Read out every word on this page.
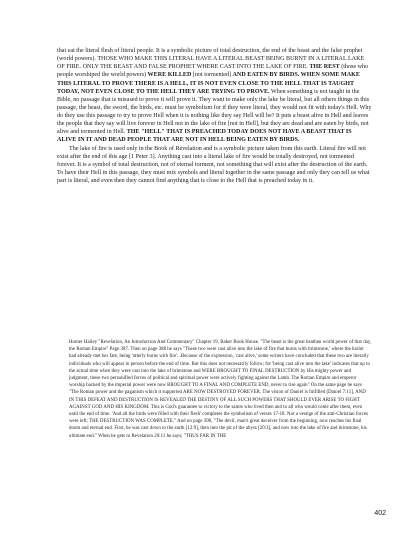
that eat the literal flesh of literal people. It is a symbolic picture of total destruction, the end of the beast and the false prophet (world powers). THOSE WHO MAKE THIS LITERAL HAVE A LITERAL BEAST BEING BURNT IN A LITERAL LAKE OF FIRE. ONLY THE BEAST AND FALSE PROPHET WHERE CAST INTO THE LAKE OF FIRE. THE REST (those who people worshiped the world powers) WERE KILLED [not tormented] AND EATEN BY BIRDS. WHEN SOME MAKE THIS LITERAL TO PROVE THERE IS A HELL, IT IS NOT EVEN CLOSE TO THE HELL THAT IS TAUGHT TODAY, NOT EVEN CLOSE TO THE HELL THEY ARE TRYING TO PROVE. When something is not taught in the Bible, no passage that is misused to prove it will prove it. They want to make only the lake be literal, but all others things in this passage, the beast, the sword, the birds, etc. must be symbolism for if they were literal, they would not fit with today's Hell. Why do they use this passage to try to prove Hell when it is nothing like they say Hell will be? It puts a beast alive in Hell and leaves the people that they say will live forever in Hell not in the lake of fire [not in Hell], but they are dead and are eaten by birds, not alive and tormented in Hell. THE "HELL" THAT IS PREACHED TODAY DOES NOT HAVE A BEAST THAT IS ALIVE IN IT AND DEAD PEOPLE THAT ARE NOT IN HELL BEING EATEN BY BIRDS.

The lake of fire is used only in the Book of Revelation and is a symbolic picture taken from this earth. Literal fire will not exist after the end of this age [1 Peter 3]. Anything cast into a literal lake of fire would be totally destroyed, not tormented forever. It is a symbol of total destruction, not of eternal torment, not something that will exist after the destruction of the earth. To have their Hell in this passage, they must mix symbols and literal together in the same passage and only they can tell us what part is literal, and even then they cannot find anything that is close to the Hell that is preached today in it.

Homer Hailey "Revelation, An Introduction And Commentary" Chapter 19, Baker Book House. "The beast is the great heathen world power of that day, the Roman Empire" Page 387. Then on page 388 he says "These two were cast alive into the lake of fire that burns with brimstone,' where the harlot had already met her fate, being 'utterly burns with fire'...Because of the expression, 'cast alive,' some writers have concluded that these two are literally individuals who will appear in person before the end of time. But this does not necessarily follow; for 'being cast alive into the lake' indicates that up to the actual time when they were cast into the lake of brimstone and WERE BROUGHT TO FINAL DESTRUCTION by His mighty power and judgment, these two personified forces of political and spiritual power were actively fighting against the Lamb. The Roman Empire and emperor worship backed by the imperial power were now BROUGHT TO A FINAL AND COMPLETE END, never to rise again" On the same page he says "The Roman power and the paganism which it supported ARE NOW DESTROYED FOREVER. The vision of Daniel is fulfilled [Daniel 7:11], AND IN THIS DEFEAT AND DESTRUCTION IS REVEALED THE DESTINY OF ALL SUCH POWERS THAT SHOULD EVER ARISE TO FIGHT AGAINST GOD AND HIS KINGDOM. This is God's guarantee to victory to the saints who lived then and to all who would come after them, even until the end of time. 'And all the birds were filled with their flesh' completes the symbolism of verses 17-18. Not a vestige of the anti-Christian forces were left; THE DESTRUCTION WAS COMPLETE." And on page 398, "The devil, man's great deceiver from the beginning, now reaches his final doom and eternal end. First, he was cast down to the earth [12:9], then into the pit of the abyss [20:3], and now into the lake of fire and brimstone, his ultimate end." When he gets to Revelation 20:11 he says; "THUS FAR IN THE
402
